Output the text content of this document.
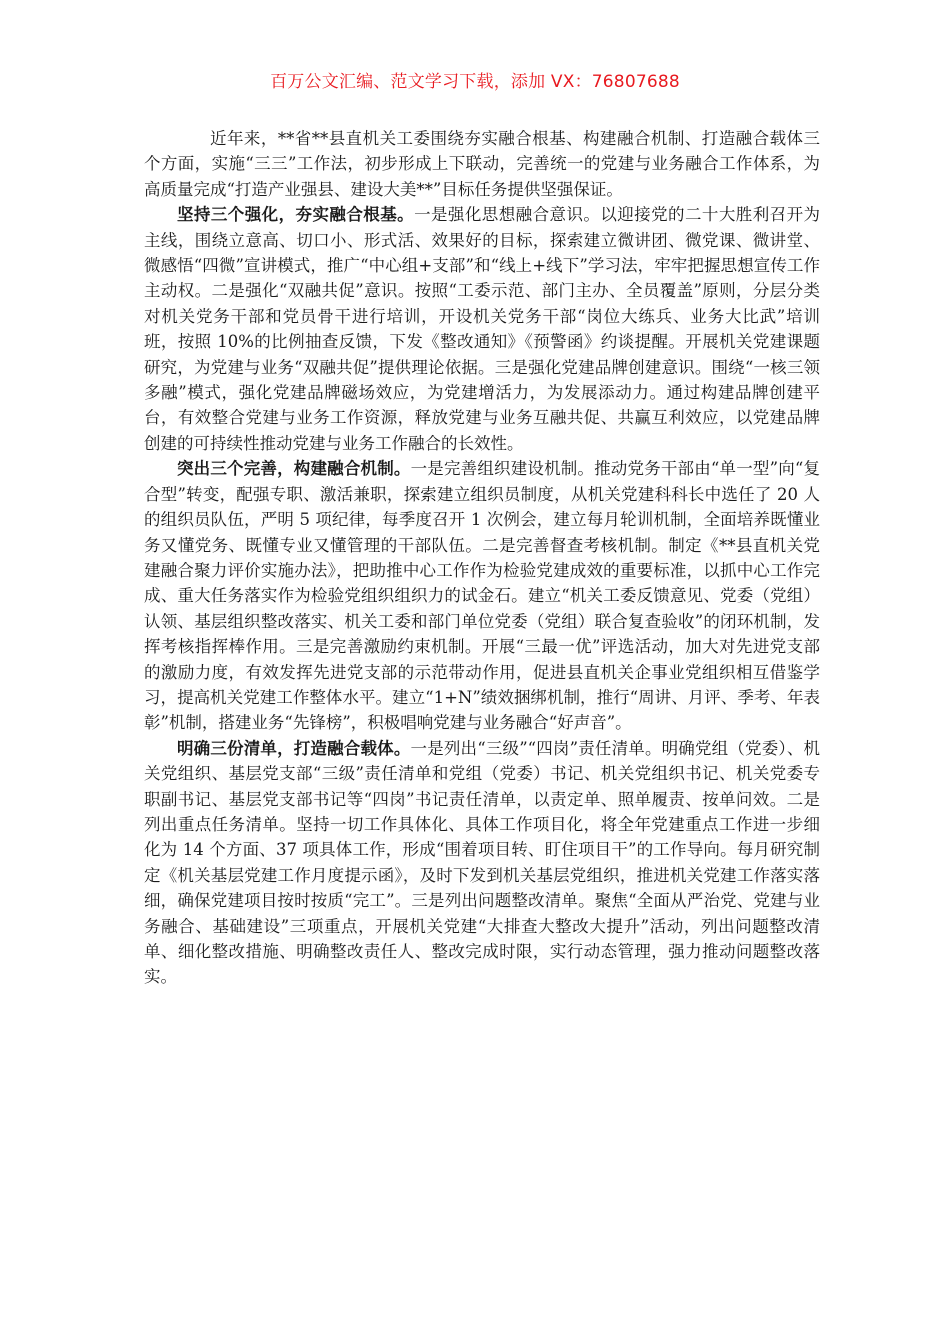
百万公文汇编、范文学习下载，添加 VX：76807688

近年来，**省**县直机关工委围绕夯实融合根基、构建融合机制、打造融合载体三个方面，实施“三三”工作法，初步形成上下联动，完善统一的党建与业务融合工作体系，为高质量完成“打造产业强县、建设大美**”目标任务提供坚强保证。

坚持三个强化，夯实融合根基。一是强化思想融合意识。以迎接党的二十大胜利召开为主线，围绕立意高、切口小、形式活、效果好的目标，探索建立微讲团、微党课、微讲堂、微感悟“四微”宣讲模式，推广“中心组+支部”和“线上+线下”学习法，牢牢把握思想宣传工作主动权。二是强化“双融共促”意识。按照“工委示范、部门主办、全员覆盖”原则，分层分类对机关党务干部和党员骨干进行培训，开设机关党务干部“岗位大练兵、业务大比武”培训班，按照 10%的比例抽查反馈，下发《整改通知》《预警函》约谈提醒。开展机关党建课题研究，为党建与业务“双融共促”提供理论依据。三是强化党建品牌创建意识。围绕“一核三领多融”模式，强化党建品牌磁场效应，为党建增活力，为发展添动力。通过构建品牌创建平台，有效整合党建与业务工作资源，释放党建与业务互融共促、共赢互利效应，以党建品牌创建的可持续性推动党建与业务工作融合的长效性。

突出三个完善，构建融合机制。一是完善组织建设机制。推动党务干部由“单一型”向“复合型”转变，配强专职、激活兼职，探索建立组织员制度，从机关党建科科长中选任了 20 人的组织员队伍，严明 5 项纪律，每季度召开 1 次例会，建立每月轮训机制，全面培养既懂业务又懂党务、既懂专业又懂管理的干部队伍。二是完善督查考核机制。制定《**县直机关党建融合聚力评价实施办法》，把助推中心工作作为检验党建成效的重要标准，以抓中心工作完成、重大任务落实作为检验党组织组织力的试金石。建立“机关工委反馈意见、党委（党组）认领、基层组织整改落实、机关工委和部门单位党委（党组）联合复查验收”的闭环机制，发挥考核指挥棒作用。三是完善激励约束机制。开展“三最一优”评选活动，加大对先进党支部的激励力度，有效发挥先进党支部的示范带动作用，促进县直机关企事业党组织相互借鉴学习，提高机关党建工作整体水平。建立“1+N”绩效捆绑机制，推行“周讲、月评、季考、年表彰”机制，搭建业务“先锋榜”，积极唱响党建与业务融合“好声音”。

明确三份清单，打造融合载体。一是列出“三级”“四岗”责任清单。明确党组（党委）、机关党组织、基层党支部“三级”责任清单和党组（党委）书记、机关党组织书记、机关党委专职副书记、基层党支部书记等“四岗”书记责任清单，以责定单、照单履责、按单问效。二是列出重点任务清单。坚持一切工作具体化、具体工作项目化，将全年党建重点工作进一步细化为 14 个方面、37 项具体工作，形成“围着项目转、盯住项目干”的工作导向。每月研究制定《机关基层党建工作月度提示函》，及时下发到机关基层党组织，推进机关党建工作落实落细，确保党建项目按时按质“完工”。三是列出问题整改清单。聚焦“全面从严治党、党建与业务融合、基础建设”三项重点，开展机关党建“大排查大整改大提升”活动，列出问题整改清单、细化整改措施、明确整改责任人、整改完成时限，实行动态管理，强力推动问题整改落实。
